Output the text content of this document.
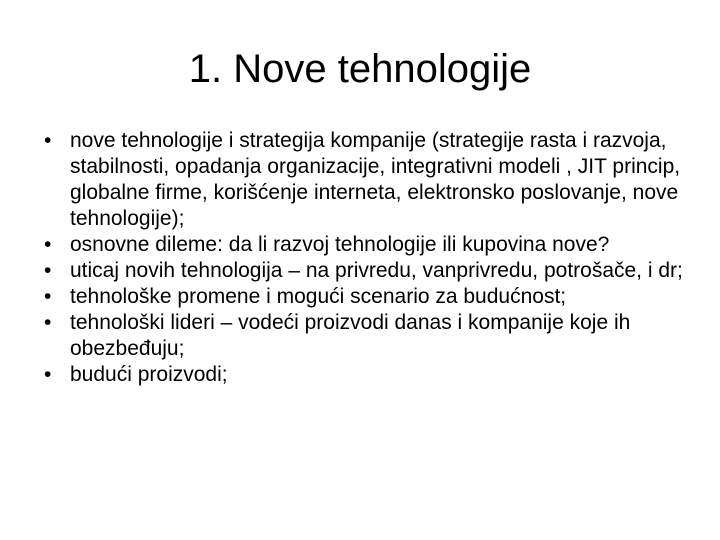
1. Nove tehnologije
• nove tehnologije i strategija kompanije (strategije rasta i razvoja, stabilnosti, opadanja organizacije, integrativni modeli , JIT princip, globalne firme, korišćenje interneta, elektronsko poslovanje, nove tehnologije);
• osnovne dileme: da li razvoj tehnologije ili kupovina nove?
• uticaj novih tehnologija – na privredu, vanprivredu, potrošače, i dr;
• tehnološke promene i mogući scenario za budućnost;
• tehnološki lideri – vodeći proizvodi danas i kompanije koje ih obezbeđuju;
• budući proizvodi;
